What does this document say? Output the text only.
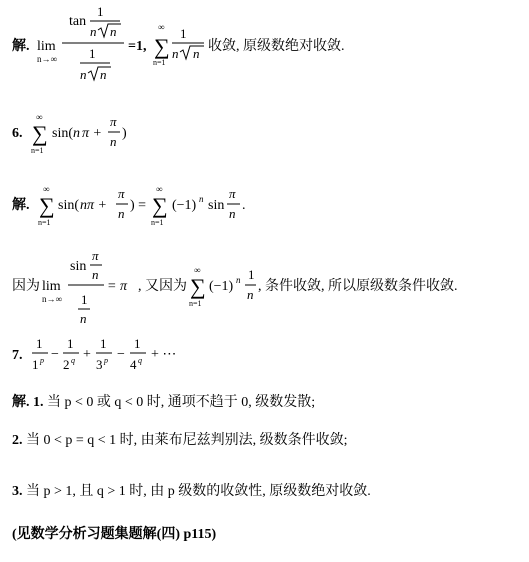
解. lim
n→∞
tan
1
n n
1
n n
=1,
∞
∑
n=1
1
n n 收敛, 原级数绝对收敛.
6.
∞
∑
n=1
sin( n π +
π
n
)
解.
∞
∑
n=1
sin( nπ +
π
n
) =
∞
∑
n=1
(−1) n sin
π
n
.
因为 lim
n→∞
sin
π
n
1
n
= π , 又因为
∞
∑
n=1
(−1) n 1
n
, 条件收敛, 所以原级数条件收敛.
7.
1
1 p −
1
2 q +
1
3 p −
1
4 q + ⋯
解. 1. 当 p < 0 或 q < 0 时, 通项不趋于 0, 级数发散;
2. 当 0 < p = q < 1 时, 由莱布尼兹判别法, 级数条件收敛;
3. 当 p > 1, 且 q > 1 时, 由 p 级数的收敛性, 原级数绝对收敛.
(见数学分析习题集题解(四) p115)
